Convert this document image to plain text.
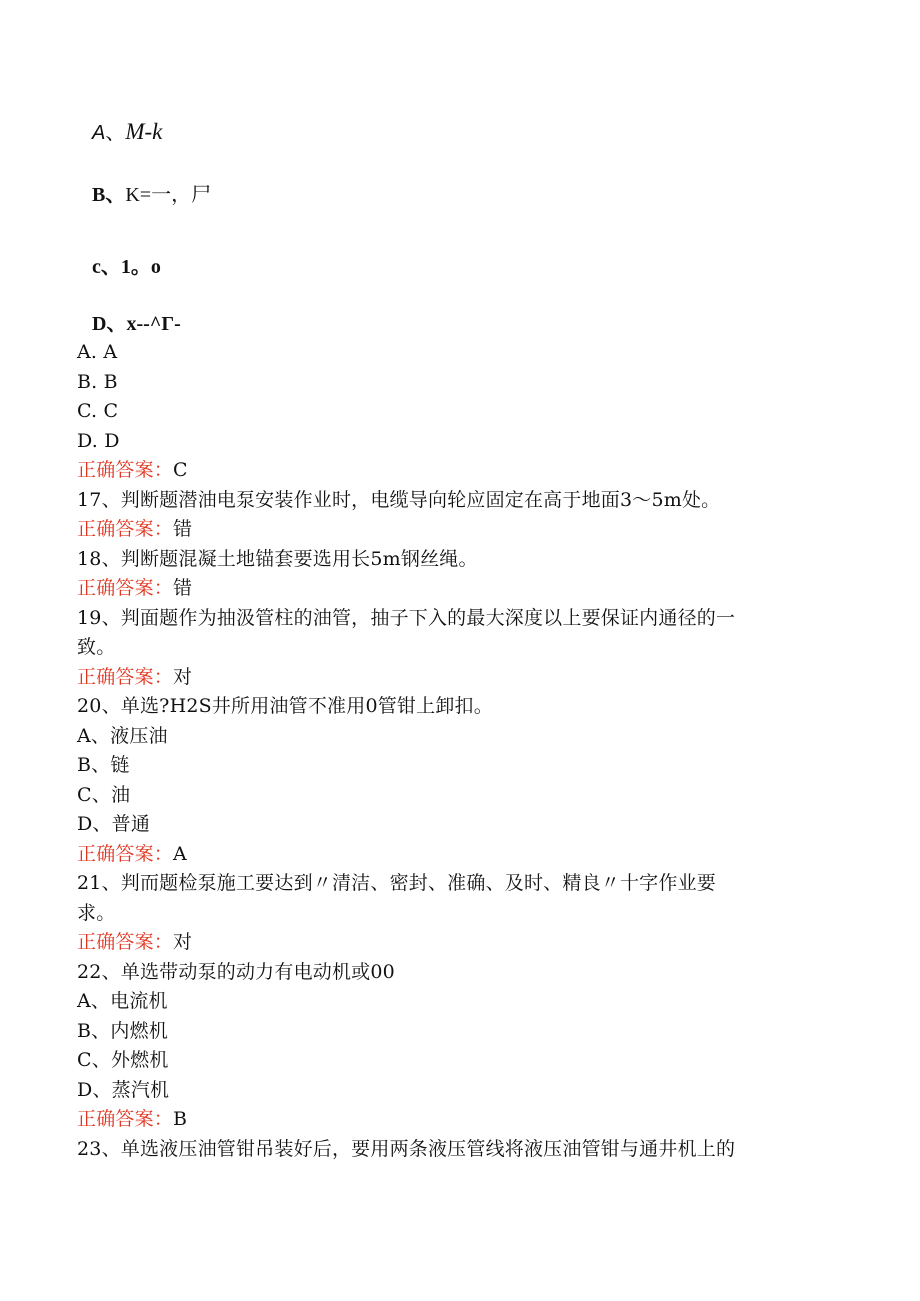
A、M-k
B、K=一，尸
c、1。o
D、x--^Γ-
A. A
B. B
C. C
D. D
正确答案：C
17、判断题潜油电泵安装作业时，电缆导向轮应固定在高于地面3～5m处。
正确答案：错
18、判断题混凝土地锚套要选用长5m钢丝绳。
正确答案：错
19、判面题作为抽汲管柱的油管，抽子下入的最大深度以上要保证内通径的一
致。
正确答案：对
20、单选?H2S井所用油管不准用0管钳上卸扣。
A、液压油
B、链
C、油
D、普通
正确答案：A
21、判而题检泵施工要达到〃清洁、密封、准确、及时、精良〃十字作业要
求。
正确答案：对
22、单选带动泵的动力有电动机或00
A、电流机
B、内燃机
C、外燃机
D、蒸汽机
正确答案：B
23、单选液压油管钳吊装好后，要用两条液压管线将液压油管钳与通井机上的
